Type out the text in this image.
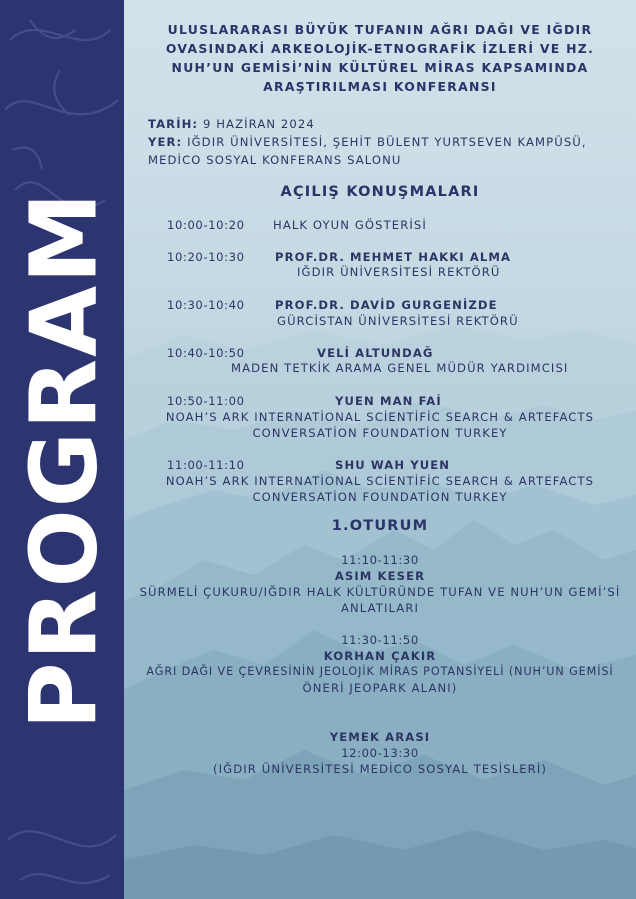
PROGRAM
ULUSLARARASI BÜYÜK TUFANIN AĞRI DAĞI VE IĞDIR
OVASINDAKİ ARKEOLOJİK-ETNOGRAFİK İZLERİ VE HZ.
NUH’UN GEMİSİ’NİN KÜLTÜREL MİRAS KAPSAMINDA
ARAŞTIRILMASI KONFERANSI
TARİH: 9 HAZİRAN 2024
YER: IĞDIR ÜNİVERSİTESİ, ŞEHİT BÜLENT YURTSEVEN KAMPÜSÜ,
MEDİCO SOSYAL KONFERANS SALONU
AÇILIŞ KONUŞMALARI
10:00-10:20 HALK OYUN GÖSTERİSİ
10:20-10:30	PROF.DR. MEHMET HAKKI ALMA
IĞDIR ÜNİVERSİTESİ REKTÖRÜ
10:30-10:40	PROF.DR. DAVİD GURGENİZDE
GÜRCİSTAN ÜNİVERSİTESİ REKTÖRÜ
10:40-10:50	VELİ ALTUNDAĞ
MADEN TETKİK ARAMA GENEL MÜDÜR YARDIMCISI
10:50-11:00	YUEN MAN FAİ
NOAH’S ARK INTERNATİONAL SCİENTİFİC SEARCH & ARTEFACTS
CONVERSATİON FOUNDATİON TURKEY
11:00-11:10	SHU WAH YUEN
NOAH’S ARK INTERNATİONAL SCİENTİFİC SEARCH & ARTEFACTS
CONVERSATİON FOUNDATİON TURKEY
1.OTURUM
11:10-11:30
ASIM KESER
SÜRMELİ ÇUKURU/IĞDIR HALK KÜLTÜRÜNDE TUFAN VE NUH’UN GEMİ’Sİ
ANLATILARI
11:30-11:50
KORHAN ÇAKIR
AĞRI DAĞI VE ÇEVRESİNİN JEOLOJİK MİRAS POTANSİYELİ (NUH’UN GEMİSİ
ÖNERİ JEOPARK ALANI)
YEMEK ARASI
12:00-13:30
(IĞDIR ÜNİVERSİTESİ MEDİCO SOSYAL TESİSLERİ)
